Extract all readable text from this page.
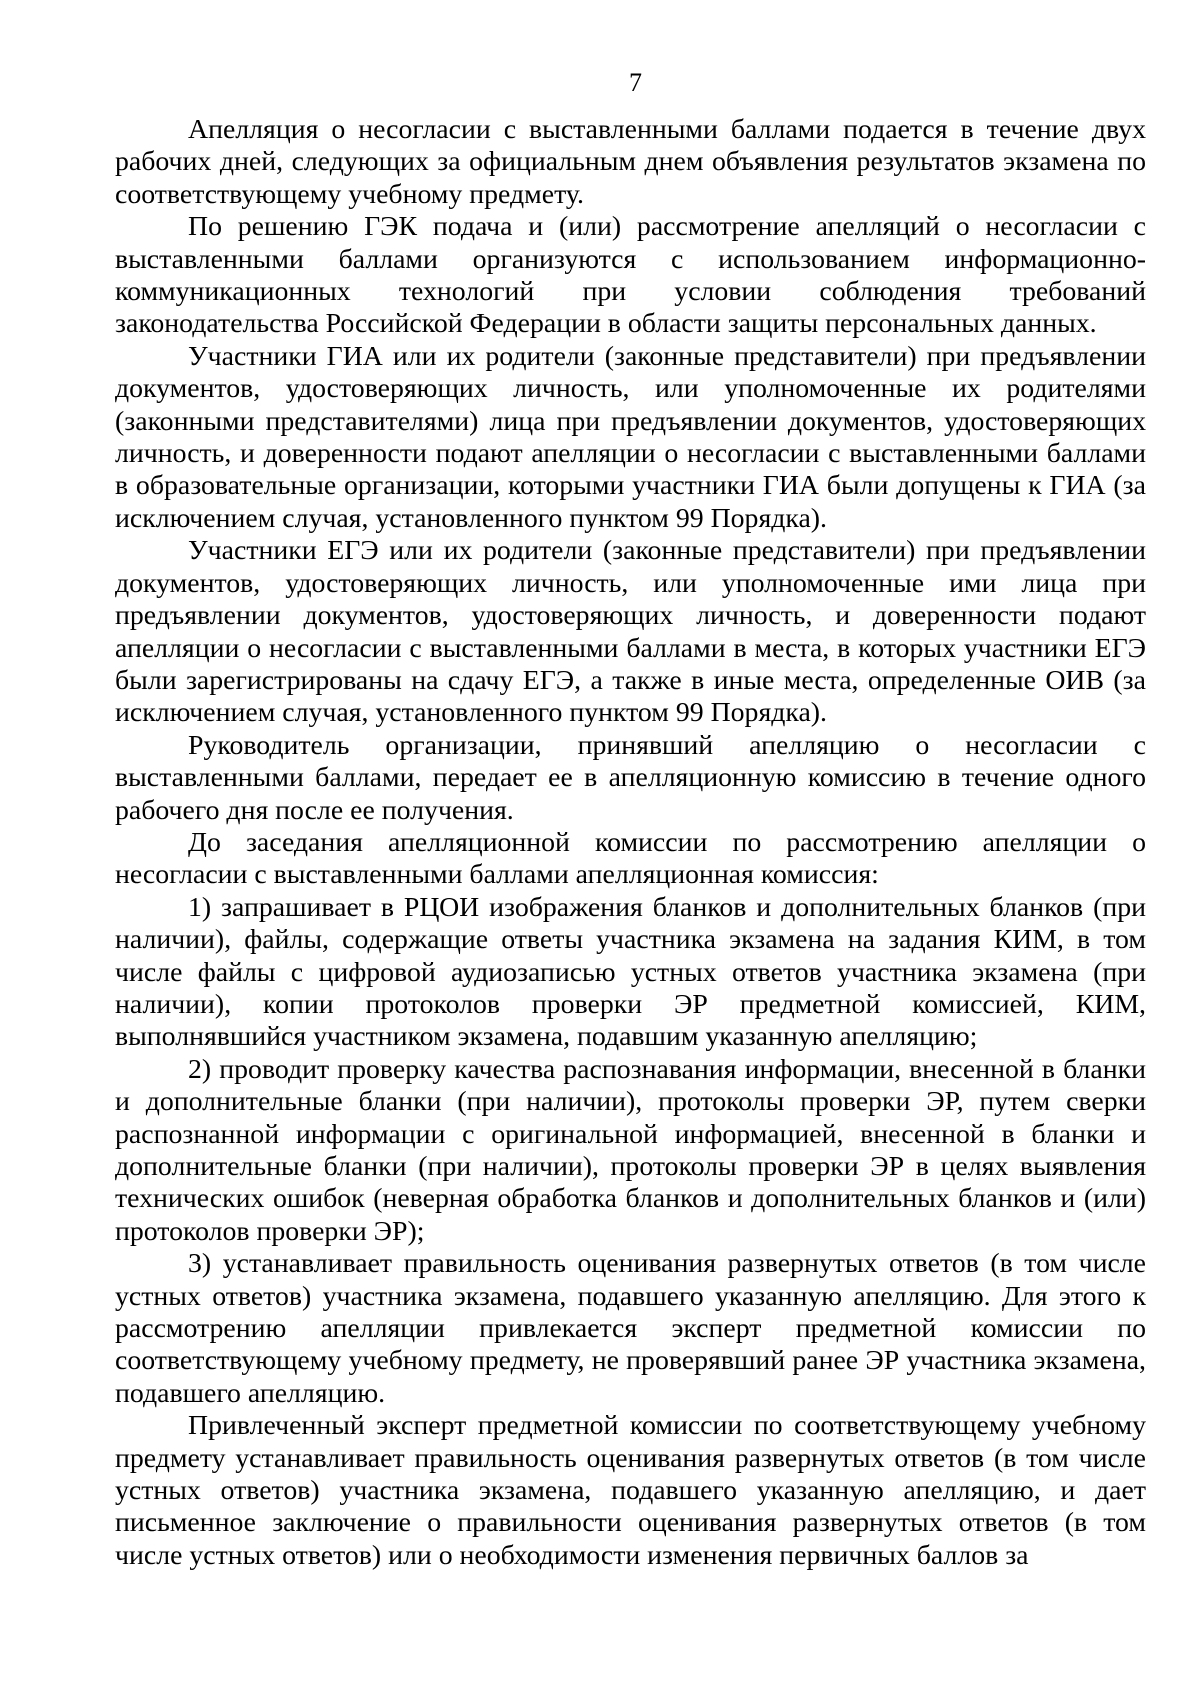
7

Апелляция о несогласии с выставленными баллами подается в течение двух рабочих дней, следующих за официальным днем объявления результатов экзамена по соответствующему учебному предмету.

По решению ГЭК подача и (или) рассмотрение апелляций о несогласии с выставленными баллами организуются с использованием информационно-коммуникационных технологий при условии соблюдения требований законодательства Российской Федерации в области защиты персональных данных.

Участники ГИА или их родители (законные представители) при предъявлении документов, удостоверяющих личность, или уполномоченные их родителями (законными представителями) лица при предъявлении документов, удостоверяющих личность, и доверенности подают апелляции о несогласии с выставленными баллами в образовательные организации, которыми участники ГИА были допущены к ГИА (за исключением случая, установленного пунктом 99 Порядка).

Участники ЕГЭ или их родители (законные представители) при предъявлении документов, удостоверяющих личность, или уполномоченные ими лица при предъявлении документов, удостоверяющих личность, и доверенности подают апелляции о несогласии с выставленными баллами в места, в которых участники ЕГЭ были зарегистрированы на сдачу ЕГЭ, а также в иные места, определенные ОИВ (за исключением случая, установленного пунктом 99 Порядка).

Руководитель организации, принявший апелляцию о несогласии с выставленными баллами, передает ее в апелляционную комиссию в течение одного рабочего дня после ее получения.

До заседания апелляционной комиссии по рассмотрению апелляции о несогласии с выставленными баллами апелляционная комиссия:

1) запрашивает в РЦОИ изображения бланков и дополнительных бланков (при наличии), файлы, содержащие ответы участника экзамена на задания КИМ, в том числе файлы с цифровой аудиозаписью устных ответов участника экзамена (при наличии), копии протоколов проверки ЭР предметной комиссией, КИМ, выполнявшийся участником экзамена, подавшим указанную апелляцию;

2) проводит проверку качества распознавания информации, внесенной в бланки и дополнительные бланки (при наличии), протоколы проверки ЭР, путем сверки распознанной информации с оригинальной информацией, внесенной в бланки и дополнительные бланки (при наличии), протоколы проверки ЭР в целях выявления технических ошибок (неверная обработка бланков и дополнительных бланков и (или) протоколов проверки ЭР);

3) устанавливает правильность оценивания развернутых ответов (в том числе устных ответов) участника экзамена, подавшего указанную апелляцию. Для этого к рассмотрению апелляции привлекается эксперт предметной комиссии по соответствующему учебному предмету, не проверявший ранее ЭР участника экзамена, подавшего апелляцию.

Привлеченный эксперт предметной комиссии по соответствующему учебному предмету устанавливает правильность оценивания развернутых ответов (в том числе устных ответов) участника экзамена, подавшего указанную апелляцию, и дает письменное заключение о правильности оценивания развернутых ответов (в том числе устных ответов) или о необходимости изменения первичных баллов за
